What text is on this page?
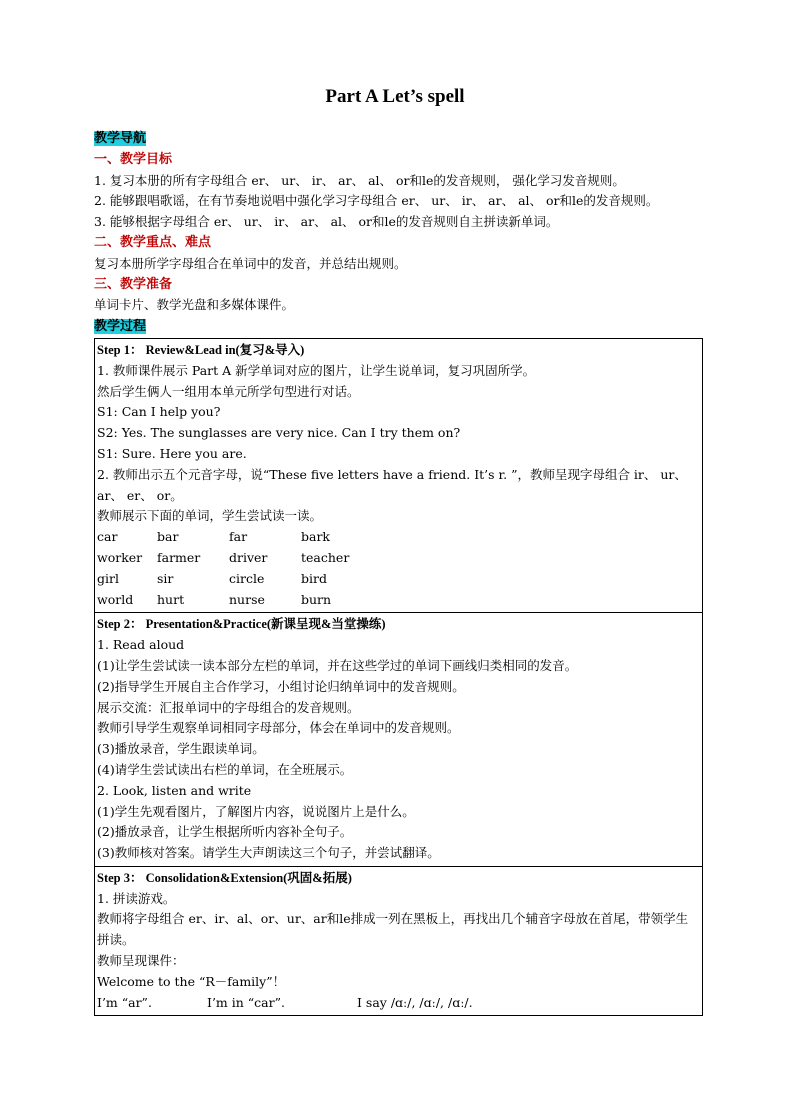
Part A Let’s spell
教学导航
一、教学目标
1. 复习本册的所有字母组合 er、 ur、 ir、 ar、 al、 or和le的发音规则， 强化学习发音规则。
2. 能够跟唱歌谣，在有节奏地说唱中强化学习字母组合 er、 ur、 ir、 ar、 al、 or和le的发音规则。
3. 能够根据字母组合 er、 ur、 ir、 ar、 al、 or和le的发音规则自主拼读新单词。
二、教学重点、难点
复习本册所学字母组合在单词中的发音，并总结出规则。
三、教学准备
单词卡片、教学光盘和多媒体课件。
教学过程
Step 1： Review&Lead in(复习&导入)
1. 教师课件展示 Part A 新学单词对应的图片，让学生说单词，复习巩固所学。
然后学生俩人一组用本单元所学句型进行对话。
S1: Can I help you?
S2: Yes. The sunglasses are very nice. Can I try them on?
S1: Sure. Here you are.
2. 教师出示五个元音字母，说“These five letters have a friend. It’s r. ”，教师呈现字母组合 ir、 ur、 ar、 er、 or。
教师展示下面的单词，学生尝试读一读。
car	bar	far	bark
worker	farmer	driver	teacher
girl	sir	circle	bird
world	hurt	nurse	burn

Step 2： Presentation&Practice(新课呈现&当堂操练)
1. Read aloud
(1)让学生尝试读一读本部分左栏的单词，并在这些学过的单词下画线归类相同的发音。
(2)指导学生开展自主合作学习，小组讨论归纳单词中的发音规则。
展示交流：汇报单词中的字母组合的发音规则。
教师引导学生观察单词相同字母部分，体会在单词中的发音规则。
(3)播放录音，学生跟读单词。
(4)请学生尝试读出右栏的单词，在全班展示。
2. Look, listen and write
(1)学生先观看图片，了解图片内容，说说图片上是什么。
(2)播放录音，让学生根据所听内容补全句子。
(3)教师核对答案。请学生大声朗读这三个句子，并尝试翻译。

Step 3： Consolidation&Extension(巩固&拓展)
1. 拼读游戏。
教师将字母组合 er、ir、al、or、ur、ar和le排成一列在黑板上，再找出几个辅音字母放在首尾，带领学生拼读。
教师呈现课件：
Welcome to the “R－family”！
I’m “ar”.	I’m in “car”.	I say /ɑː/, /ɑː/, /ɑː/.
